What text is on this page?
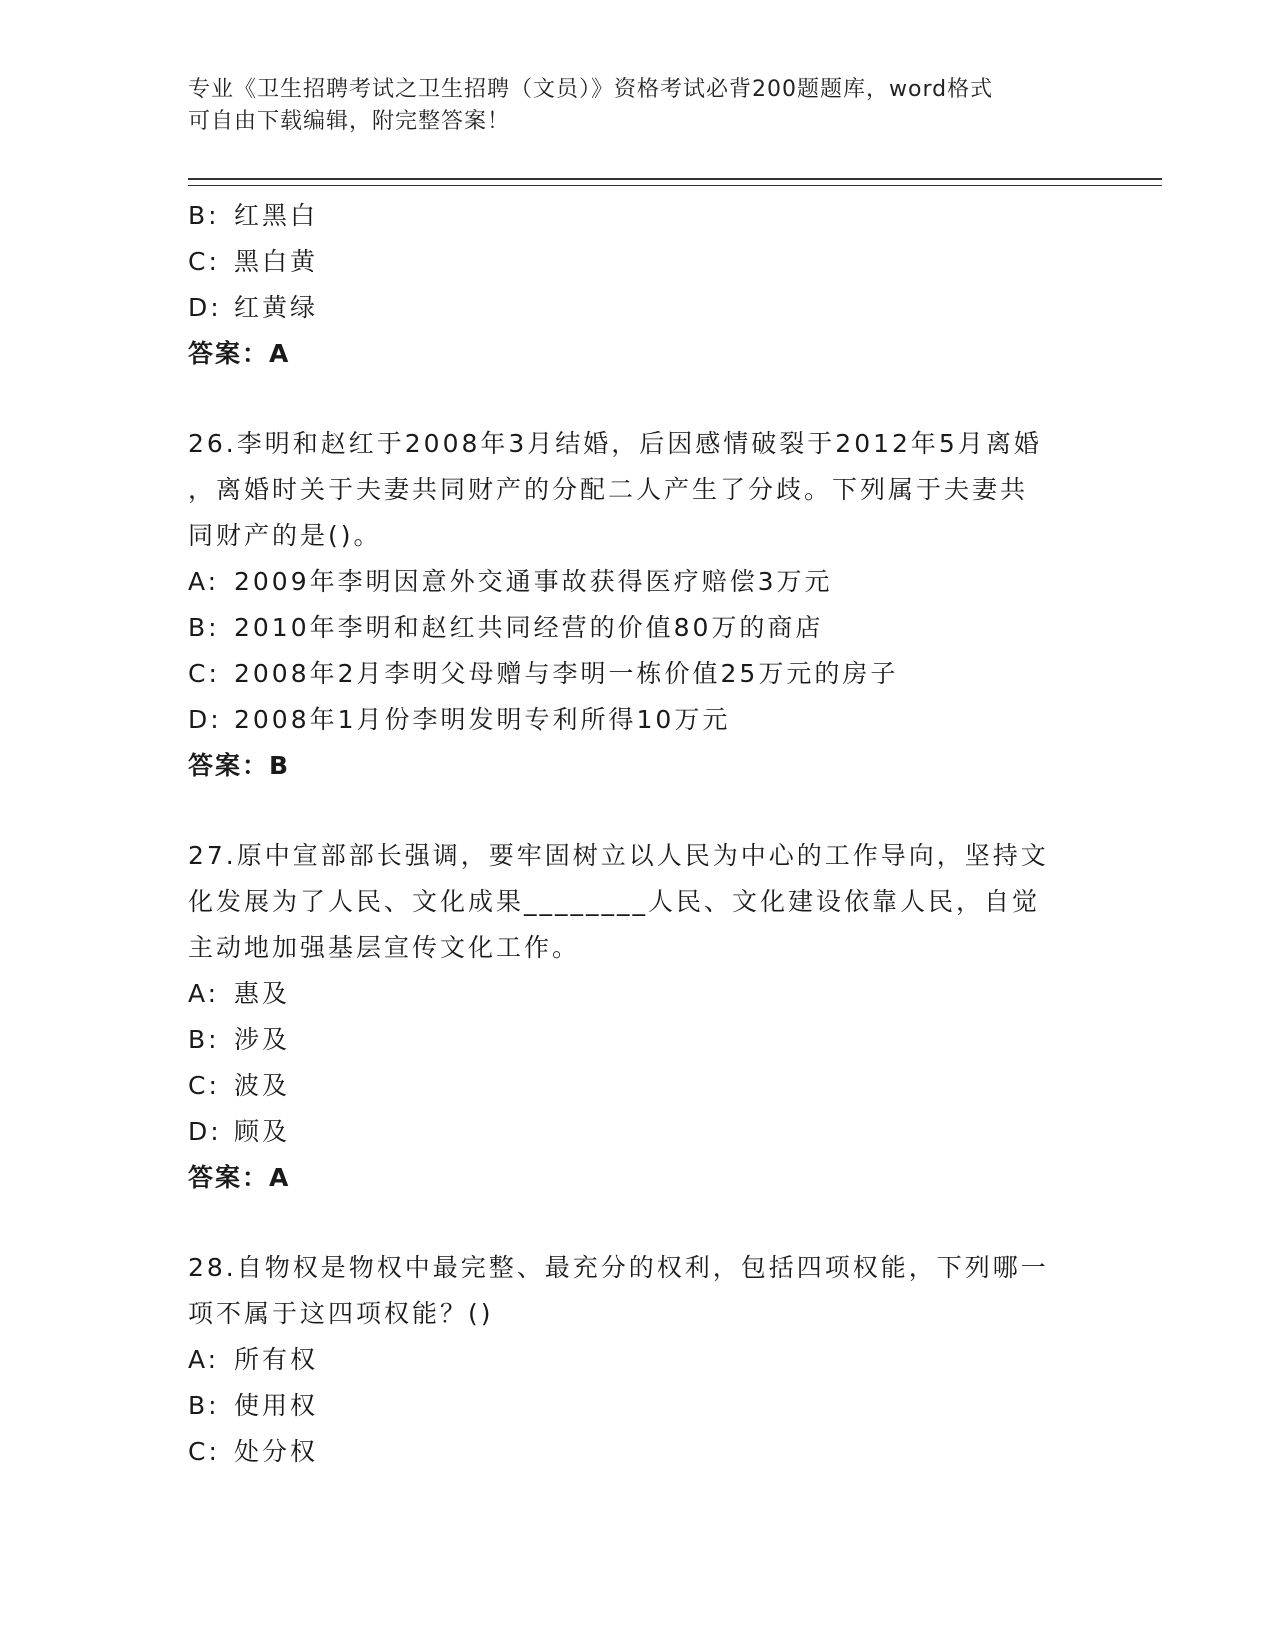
专业《卫生招聘考试之卫生招聘（文员）》资格考试必背200题题库，word格式
可自由下载编辑，附完整答案！
B: 红黑白
C: 黑白黄
D: 红黄绿
答案：A
26.李明和赵红于2008年3月结婚，后因感情破裂于2012年5月离婚
，离婚时关于夫妻共同财产的分配二人产生了分歧。下列属于夫妻共
同财产的是()。
A: 2009年李明因意外交通事故获得医疗赔偿3万元
B: 2010年李明和赵红共同经营的价值80万的商店
C: 2008年2月李明父母赠与李明一栋价值25万元的房子
D: 2008年1月份李明发明专利所得10万元
答案：B
27.原中宣部部长强调，要牢固树立以人民为中心的工作导向，坚持文
化发展为了人民、文化成果________人民、文化建设依靠人民，自觉
主动地加强基层宣传文化工作。
A: 惠及
B: 涉及
C: 波及
D: 顾及
答案：A
28.自物权是物权中最完整、最充分的权利，包括四项权能，下列哪一
项不属于这四项权能？()
A: 所有权
B: 使用权
C: 处分权
